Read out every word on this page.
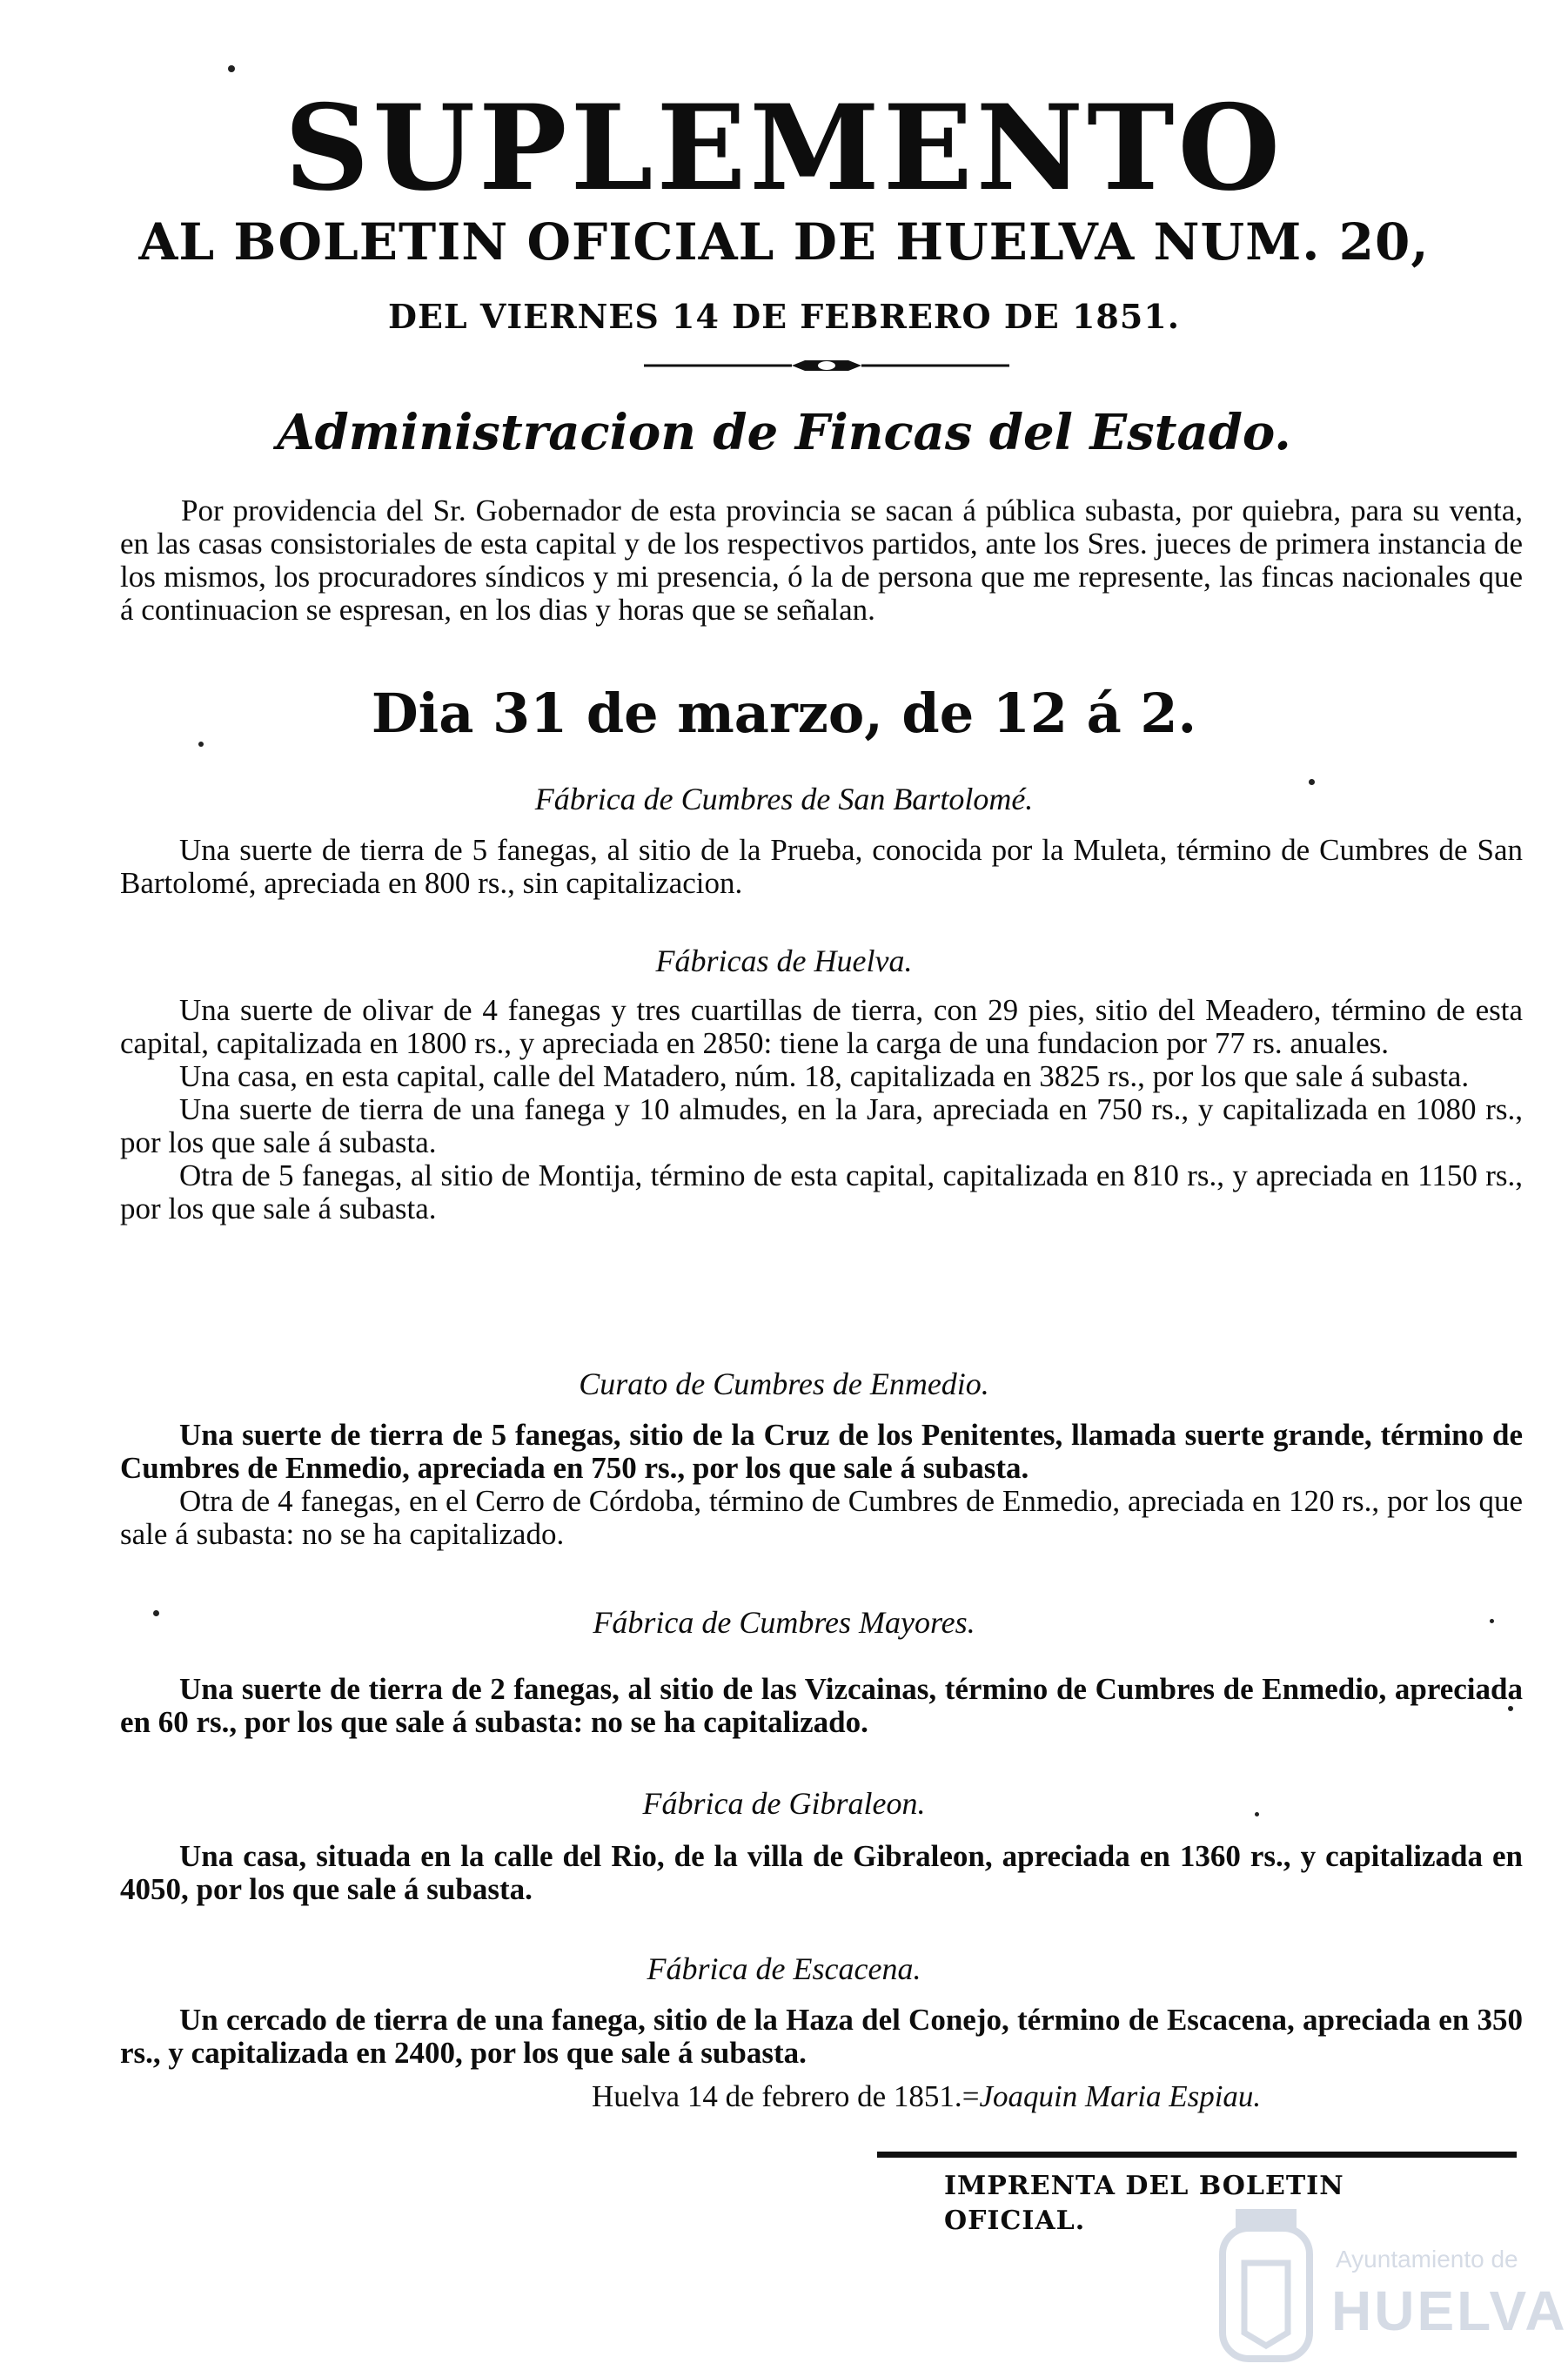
SUPLEMENTO
AL BOLETIN OFICIAL DE HUELVA NUM. 20,
DEL VIERNES 14 DE FEBRERO DE 1851.
Administracion de Fincas del Estado.

Por providencia del Sr. Gobernador de esta provincia se sacan á pública subasta, por quiebra, para su venta, en las casas consistoriales de esta capital y de los respectivos partidos, ante los Sres. jueces de primera instancia de los mismos, los procuradores síndicos y mi presencia, ó la de persona que me represente, las fincas nacionales que á continuacion se espresan, en los dias y horas que se señalan.

Dia 31 de marzo, de 12 á 2.
Fábrica de Cumbres de San Bartolomé.

Una suerte de tierra de 5 fanegas, al sitio de la Prueba, conocida por la Muleta, término de Cumbres de San Bartolomé, apreciada en 800 rs., sin capitalizacion.

Fábricas de Huelva.

Una suerte de olivar de 4 fanegas y tres cuartillas de tierra, con 29 pies, sitio del Meadero, término de esta capital, capitalizada en 1800 rs., y apreciada en 2850: tiene la carga de una fundacion por 77 rs. anuales.

Una casa, en esta capital, calle del Matadero, núm. 18, capitalizada en 3825 rs., por los que sale á subasta.

Una suerte de tierra de una fanega y 10 almudes, en la Jara, apreciada en 750 rs., y capitalizada en 1080 rs., por los que sale á subasta.

Otra de 5 fanegas, al sitio de Montija, término de esta capital, capitalizada en 810 rs., y apreciada en 1150 rs., por los que sale á subasta.

Curato de Cumbres de Enmedio.

Una suerte de tierra de 5 fanegas, sitio de la Cruz de los Penitentes, llamada suerte grande, término de Cumbres de Enmedio, apreciada en 750 rs., por los que sale á subasta.

Otra de 4 fanegas, en el Cerro de Córdoba, término de Cumbres de Enmedio, apreciada en 120 rs., por los que sale á subasta: no se ha capitalizado.

Fábrica de Cumbres Mayores.

Una suerte de tierra de 2 fanegas, al sitio de las Vizcainas, término de Cumbres de Enmedio, apreciada en 60 rs., por los que sale á subasta: no se ha capitalizado.

Fábrica de Gibraleon.

Una casa, situada en la calle del Rio, de la villa de Gibraleon, apreciada en 1360 rs., y capitalizada en 4050, por los que sale á subasta.

Fábrica de Escacena.

Un cercado de tierra de una fanega, sitio de la Haza del Conejo, término de Escacena, apreciada en 350 rs., y capitalizada en 2400, por los que sale á subasta.

Huelva 14 de febrero de 1851.=Joaquin Maria Espiau.
IMPRENTA DEL BOLETIN OFICIAL.
Ayuntamiento de
HUELVA
